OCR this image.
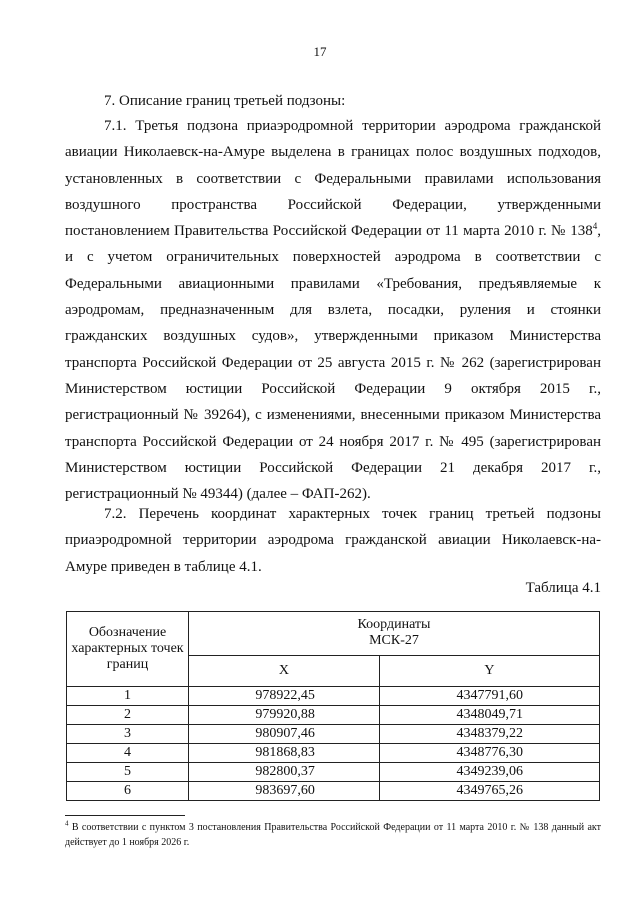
17
7. Описание границ третьей подзоны:
7.1. Третья подзона приаэродромной территории аэродрома гражданской авиации Николаевск-на-Амуре выделена в границах полос воздушных подходов, установленных в соответствии с Федеральными правилами использования воздушного пространства Российской Федерации, утвержденными постановлением Правительства Российской Федерации от 11 марта 2010 г. № $138^4$, и с учетом ограничительных поверхностей аэродрома в соответствии с Федеральными авиационными правилами «Требования, предъявляемые к аэродромам, предназначенным для взлета, посадки, руления и стоянки гражданских воздушных судов», утвержденными приказом Министерства транспорта Российской Федерации от 25 августа 2015 г. № 262 (зарегистрирован Министерством юстиции Российской Федерации 9 октября 2015 г., регистрационный № 39264), с изменениями, внесенными приказом Министерства транспорта Российской Федерации от 24 ноября 2017 г. № 495 (зарегистрирован Министерством юстиции Российской Федерации 21 декабря 2017 г., регистрационный № 49344) (далее – ФАП-262).
7.2. Перечень координат характерных точек границ третьей подзоны приаэродромной территории аэродрома гражданской авиации Николаевск-на-Амуре приведен в таблице 4.1.
Таблица 4.1
Обозначение характерных точек границ	Координаты
МСК-27	

	X	Y
1	978922,45	4347791,60
2	979920,88	4348049,71
3	980907,46	4348379,22
4	981868,83	4348776,30
5	982800,37	4349239,06
6	983697,60	4349765,26
$^4$ В соответствии с пунктом 3 постановления Правительства Российской Федерации от 11 марта 2010 г. № 138 данный акт действует до 1 ноября 2026 г.
